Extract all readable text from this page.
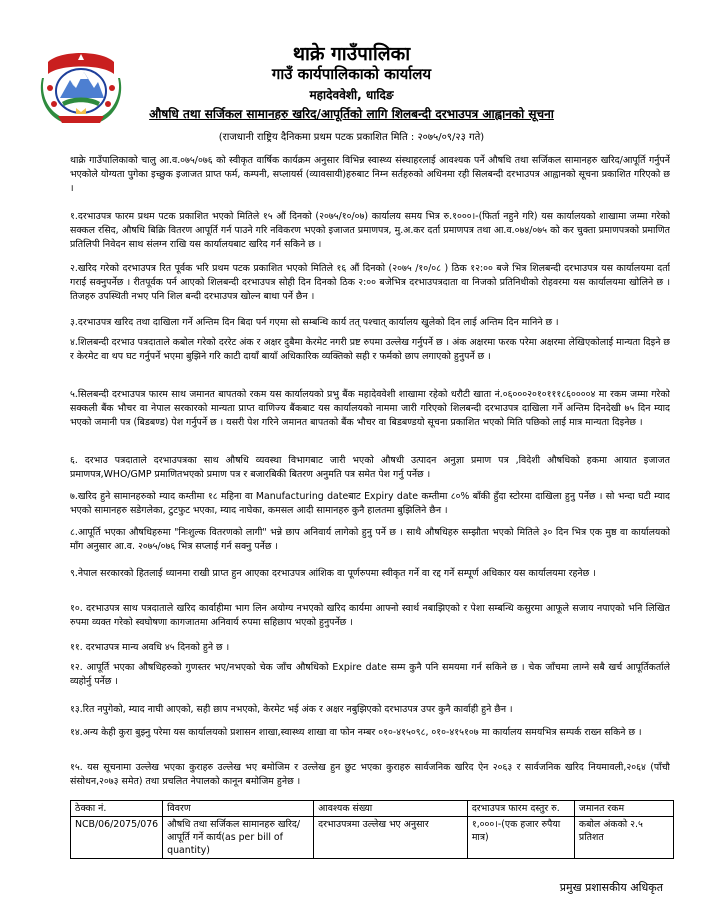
थाक्रे गाउँपालिका
गाउँ कार्यपालिकाको कार्यालय
महादेववेशी, धादिङ
औषधि तथा सर्जिकल सामानहरु खरिद/आपूर्तिको लागि शिलबन्दी दरभाउपत्र आह्वानको सूचना
(राजधानी राष्ट्रिय दैनिकमा प्रथम पटक प्रकाशित मिति : २०७५/०९/२३ गते)
थाक्रे गाउँपालिकाको चालु आ.व.०७५/०७६ को स्वीकृत वार्षिक कार्यक्रम अनुसार विभिन्न स्वास्थ्य संस्थाहरलाई आवश्यक पर्ने औषधि तथा सर्जिकल सामानहरु खरिद/आपूर्ति गर्नुपर्ने भएकोले योग्यता पुगेका इच्छुक इजाजत प्राप्त फर्म, कम्पनी, सप्लायर्स (व्यावसायी)हरुबाट निम्न सर्तहरुको अधिनमा रही सिलबन्दी दरभाउपत्र आह्वानको सूचना प्रकाशित गरिएको छ ।
१.दरभाउपत्र फारम प्रथम पटक प्रकाशित भएको मितिले १५ औं दिनको (२०७५/१०/०७) कार्यालय समय भित्र रु.१०००।-(फिर्ता नहुने गरि) यस कार्यालयको शाखामा जम्मा गरेको सक्कल रसिद, औषधि बिक्रि वितरण आपूर्ति गर्न पाउने गरि नविकरण भएको इजाजत प्रमाणपत्र, मु.अ.कर दर्ता प्रमाणपत्र तथा आ.व.०७४/०७५ को कर चुक्ता प्रमाणपत्रको प्रमाणित प्रतिलिपी निवेदन साथ संलग्न राखि यस कार्यालयबाट खरिद गर्न सकिने छ ।
२.खरिद गरेको दरभाउपत्र रित पूर्वक भरि प्रथम पटक प्रकाशित भएको मितिले १६ औं दिनको (२०७५ /१०/०८ ) ठिक १२:०० बजे भित्र शिलबन्दी दरभाउपत्र यस कार्यालयमा दर्ता गराई सक्नुपर्नेछ । रीतपूर्वक पर्न आएको शिलबन्दी दरभाउपत्र सोही दिन दिनको ठिक २:०० बजेभित्र दरभाउपत्रदाता वा निजको प्रतिनिधीको रोहवरमा यस कार्यालयमा खोलिने छ । तिजहरु उपस्थिती नभए पनि शिल बन्दी दरभाउपत्र खोल्न बाधा पर्ने छैन ।
३.दरभाउपत्र खरिद तथा दाखिला गर्ने अन्तिम दिन बिदा पर्न गएमा सो सम्बन्धि कार्य तत् पश्चात् कार्यालय खुलेको दिन लाई अन्तिम दिन मानिने छ ।
४.शिलबन्दी दरभाउ पत्रदाताले कबोल गरेको दररेट अंक र अक्षर दुबैमा केरमेट नगरी प्रष्ट रुपमा उल्लेख गर्नुपर्ने छ । अंक अक्षरमा फरक परेमा अक्षरमा लेखिएकोलाई मान्यता दिइने छ र केरमेट वा थप घट गर्नुपर्ने भएमा बुझिने गरि काटी दायाँ बायाँ अधिकारिक व्यक्तिको सही र फर्मको छाप लगाएको हुनुपर्ने छ ।
५.सिलबन्दी दरभाउपत्र फारम साथ जमानत बापतको रकम यस कार्यालयको प्रभु बैंक महादेववेशी शाखामा रहेको धरौटी खाता नं.०६०००२०१०१११८६००००४ मा रकम जम्मा गरेको सक्कली बैंक भौचर वा नेपाल सरकारको मान्यता प्राप्त वाणिज्य बैंकबाट यस कार्यालयको नाममा जारी गरिएको शिलबन्दी दरभाउपत्र दाखिला गर्ने अन्तिम दिनदेखी ७५ दिन म्याद भएको जमानी पत्र (बिडबण्ड) पेश गर्नुपर्ने छ । यसरी पेश गरिने जमानत बापतको बैंक भौचर वा बिडबण्डयो सूचना प्रकाशित भएको मिति पछिको लाई मात्र मान्यता दिइनेछ ।
६. दरभाउ पत्रदाताले दरभाउपत्रका साथ औषधि व्यवस्था विभागबाट जारी भएको औषधी उत्पादन अनुज्ञा प्रमाण पत्र ,विदेशी औषधिको हकमा आयात इजाजत प्रमाणपत्र,WHO/GMP प्रमाणितभएको प्रमाण पत्र र बजारबिकी बितरण अनुमति पत्र समेत पेश गर्नु पर्नेछ ।
७.खरिद हुने सामानहरुको म्याद कम्तीमा १८ महिना वा Manufacturing dateबाट Expiry date कम्तीमा ८०% बाँकी हुँदा स्टोरमा दाखिला हुनु पर्नेछ । सो भन्दा घटी म्याद भएको सामानहरु सडेगलेका, टुटफुट भएका, म्याद नाघेका, कमसल आदी सामानहरु कुनै हालतमा बुझिलिने छैन ।
८.आपूर्ति भएका औषधिहरुमा "निःशुल्क वितरणको लागी" भन्ने छाप अनिवार्य लागेको हुनु पर्ने छ । साथै औषधिहरु सम्झौता भएको मितिले ३० दिन भित्र एक मुष्ठ वा कार्यालयको माँग अनुसार आ.व. २०७५/०७६ भित्र सप्लाई गर्न सक्नु पर्नेछ ।
९.नेपाल सरकारको हितलाई ध्यानमा राखी प्राप्त हुन आएका दरभाउपत्र आंशिक वा पूर्णरुपमा स्वीकृत गर्ने वा रद्द गर्ने सम्पूर्ण अधिकार यस कार्यालयमा रहनेछ ।
१०. दरभाउपत्र साथ पत्रदाताले खरिद कार्वाहीमा भाग लिन अयोग्य नभएको खरिद कार्यमा आफ्नो स्वार्थ नबाझिएको र पेशा सम्बन्धि कसुरमा आफूले सजाय नपाएको भनि लिखित रुपमा व्यक्त गरेको स्वघोषणा कागजातमा अनिवार्य रुपमा सहिछाप भएको हुनुपर्नेछ ।
११. दरभाउपत्र मान्य अवधि ४५ दिनको हुने छ ।
१२. आपूर्ति भएका औषधिहरुको गुणस्तर भए/नभएको चेक जाँच औषधिको Expire date सम्म कुनै पनि समयमा गर्न सकिने छ । चेक जाँचमा लाग्ने सबै खर्च आपूर्तिकर्ताले व्यहोर्नु पर्नेछ ।
१३.रित नपुगेको, म्याद नाघी आएको, सही छाप नभएको, केरमेट भई अंक र अक्षर नबुझिएको दरभाउपत्र उपर कुनै कार्वाही हुने छैन ।
१४.अन्य केही कुरा बुझ्नु परेमा यस कार्यालयको प्रशासन शाखा,स्वास्थ्य शाखा वा फोन नम्बर ०१०-४१५०९८, ०१०-४१५१०७ मा कार्यालय समयभित्र सम्पर्क राख्न सकिने छ ।
१५. यस सूचनामा उल्लेख भएका कुराहरु उल्लेख भए बमोजिम र उल्लेख हुन छुट भएका कुराहरु सार्वजनिक खरिद ऐन २०६३ र सार्वजनिक खरिद नियमावली,२०६४ (पाँचौ संसोधन,२०७३ समेत) तथा प्रचलित नेपालको कानून बमोजिम हुनेछ ।
ठेक्का नं.	विवरण	आवश्यक संख्या	दरभाउपत्र फारम दस्तुर रु.	जमानत रकम
NCB/06/2075/076	औषधि तथा सर्जिकल सामानहरु खरिद/आपूर्ति गर्ने कार्य(as per bill of quantity)	दरभाउपत्रमा उल्लेख भए अनुसार	१,०००।-(एक हजार रुपैया मात्र)	कबोल अंकको २.५ प्रतिशत
प्रमुख प्रशासकीय अधिकृत
